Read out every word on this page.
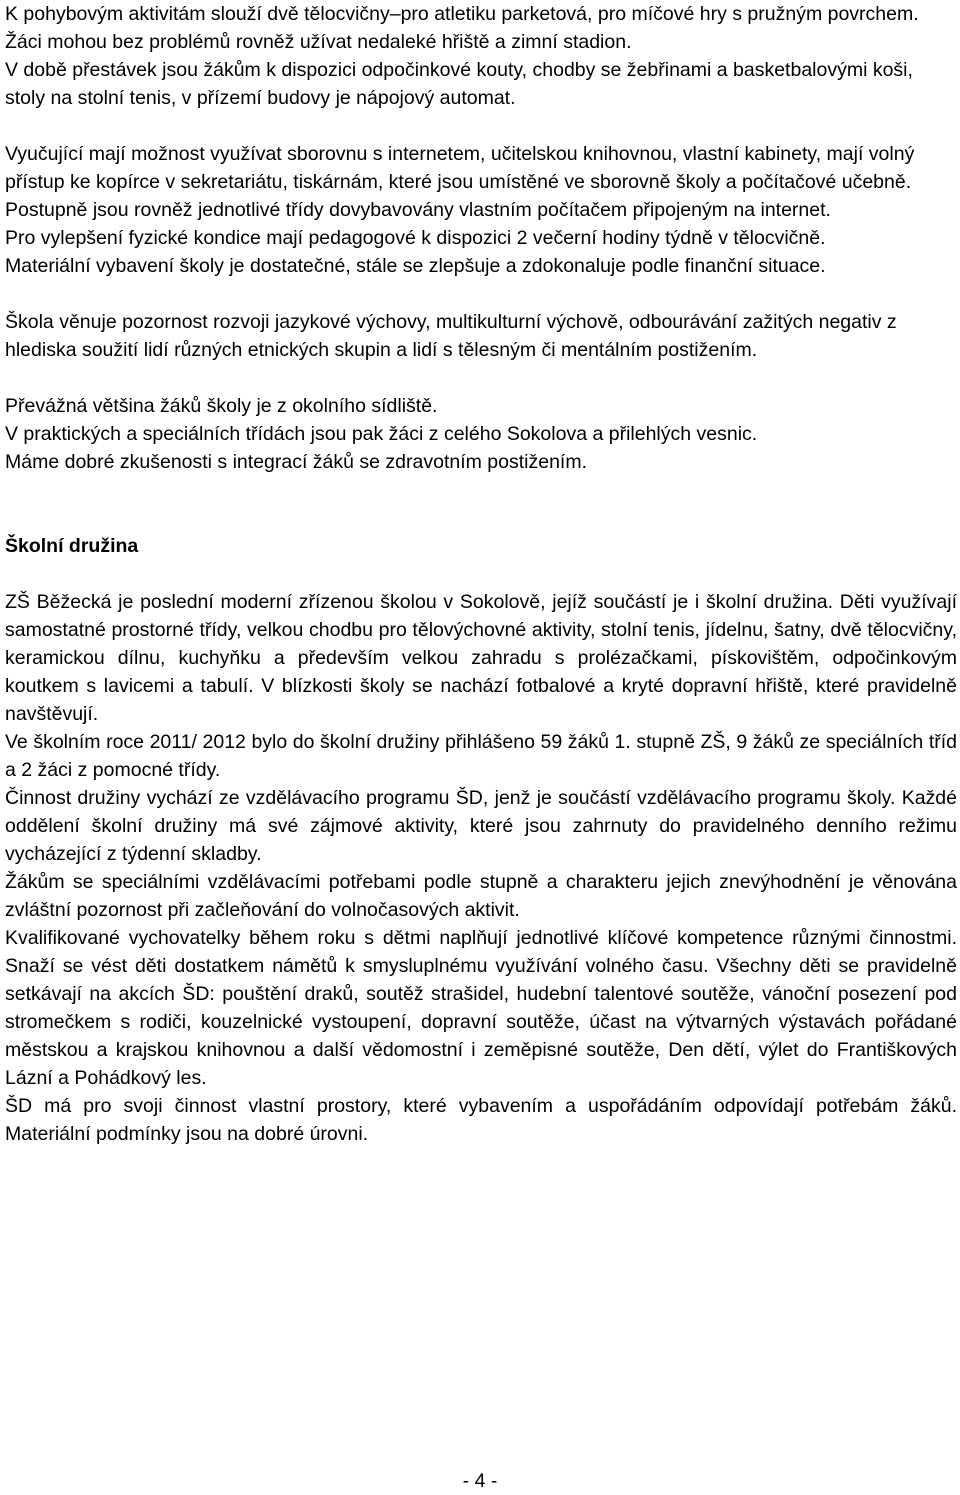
K pohybovým aktivitám slouží dvě tělocvičny–pro atletiku parketová, pro míčové hry s pružným povrchem. Žáci mohou bez problémů rovněž užívat nedaleké hřiště a zimní stadion.

V době přestávek jsou žákům k dispozici odpočinkové kouty, chodby se žebřinami a basketbalovými koši, stoly na stolní tenis, v přízemí budovy je nápojový automat.

Vyučující mají možnost využívat sborovnu s internetem, učitelskou knihovnou, vlastní kabinety, mají volný přístup ke kopírce v sekretariátu, tiskárnám, které jsou umístěné ve sborovně školy a počítačové učebně. Postupně jsou rovněž jednotlivé třídy dovybavovány vlastním počítačem připojeným na internet.

Pro vylepšení fyzické kondice mají pedagogové k dispozici 2 večerní hodiny týdně v tělocvičně.

Materiální vybavení školy je dostatečné, stále se zlepšuje a zdokonaluje podle finanční situace.

Škola věnuje pozornost rozvoji jazykové výchovy, multikulturní výchově, odbourávání zažitých negativ z hlediska soužití lidí různých etnických skupin a lidí s tělesným či mentálním postižením.

Převážná většina žáků školy je z okolního sídliště.

V praktických a speciálních třídách jsou pak žáci z celého Sokolova a přilehlých vesnic.

Máme dobré zkušenosti s integrací žáků se zdravotním postižením.

Školní družina

ZŠ Běžecká je poslední moderní zřízenou školou v Sokolově, jejíž součástí je i školní družina. Děti využívají samostatné prostorné třídy, velkou chodbu pro tělovýchovné aktivity, stolní tenis, jídelnu, šatny, dvě tělocvičny, keramickou dílnu, kuchyňku a především velkou zahradu s prolézačkami, pískovištěm, odpočinkovým koutkem s lavicemi a tabulí. V blízkosti školy se nachází fotbalové a kryté dopravní hřiště, které pravidelně navštěvují.

Ve školním roce 2011/ 2012 bylo do školní družiny přihlášeno 59 žáků 1. stupně ZŠ, 9 žáků ze speciálních tříd a 2 žáci z pomocné třídy.

Činnost družiny vychází ze vzdělávacího programu ŠD, jenž je součástí vzdělávacího programu školy. Každé oddělení školní družiny má své zájmové aktivity, které jsou zahrnuty do pravidelného denního režimu vycházející z týdenní skladby.

Žákům se speciálními vzdělávacími potřebami podle stupně a charakteru jejich znevýhodnění je věnována zvláštní pozornost při začleňování do volnočasových aktivit.

Kvalifikované vychovatelky během roku s dětmi naplňují jednotlivé klíčové kompetence různými činnostmi. Snaží se vést děti dostatkem námětů k smysluplnému využívání volného času. Všechny děti se pravidelně setkávají na akcích ŠD: pouštění draků, soutěž strašidel, hudební talentové soutěže, vánoční posezení pod stromečkem s rodiči, kouzelnické vystoupení, dopravní soutěže, účast na výtvarných výstavách pořádané městskou a krajskou knihovnou a další vědomostní i zeměpisné soutěže, Den dětí, výlet do Františkových Lázní a Pohádkový les.

ŠD má pro svoji činnost vlastní prostory, které vybavením a uspořádáním odpovídají potřebám žáků. Materiální podmínky jsou na dobré úrovni.

- 4 -
